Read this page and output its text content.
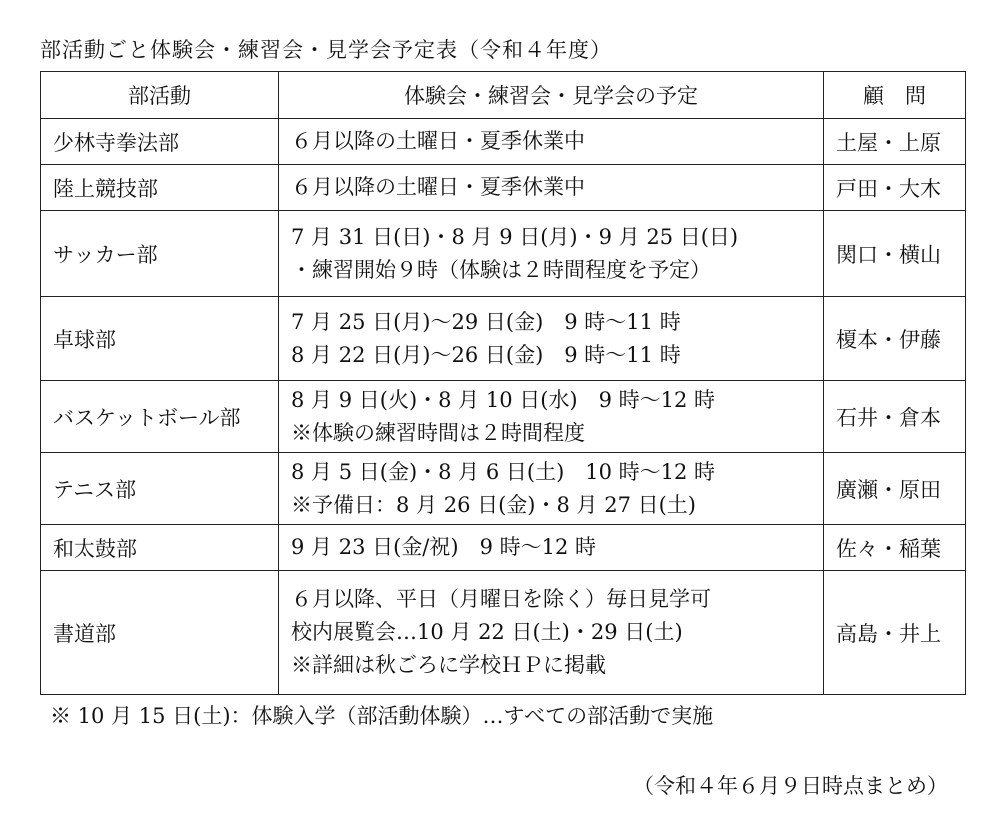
部活動ごと体験会・練習会・見学会予定表（令和４年度）
部活動	体験会・練習会・見学会の予定	顧　問
少林寺拳法部	６月以降の土曜日・夏季休業中	土屋・上原
陸上競技部	６月以降の土曜日・夏季休業中	戸田・大木
サッカー部	7 月 31 日(日)・8 月 9 日(月)・9 月 25 日(日)
・練習開始９時（体験は２時間程度を予定）	関口・横山
卓球部	7 月 25 日(月)～29 日(金)　9 時～11 時
8 月 22 日(月)～26 日(金)　9 時～11 時	榎本・伊藤
バスケットボール部	8 月 9 日(火)・8 月 10 日(水)　9 時～12 時
※体験の練習時間は２時間程度	石井・倉本
テニス部	8 月 5 日(金)・8 月 6 日(土)　10 時～12 時
※予備日：8 月 26 日(金)・8 月 27 日(土)	廣瀬・原田
和太鼓部	9 月 23 日(金/祝)　9 時～12 時	佐々・稲葉
書道部	６月以降、平日（月曜日を除く）毎日見学可
校内展覧会…10 月 22 日(土)・29 日(土)
※詳細は秋ごろに学校ＨＰに掲載	高島・井上
※ 10 月 15 日(土)：体験入学（部活動体験）…すべての部活動で実施
（令和４年６月９日時点まとめ）
